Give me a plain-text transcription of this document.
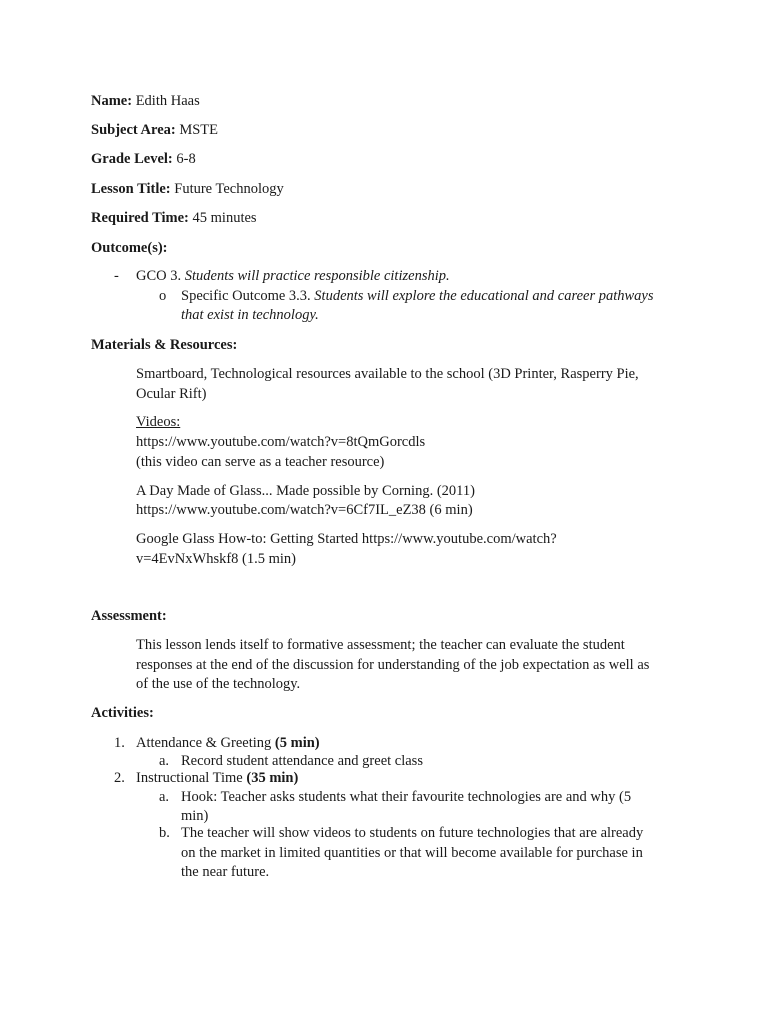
Name: Edith Haas
Subject Area: MSTE
Grade Level: 6-8
Lesson Title: Future Technology
Required Time: 45 minutes
Outcome(s):
- GCO 3. Students will practice responsible citizenship.
o Specific Outcome 3.3. Students will explore the educational and career pathways
that exist in technology.
Materials & Resources:
Smartboard, Technological resources available to the school (3D Printer, Rasperry Pie,
Ocular Rift)
Videos:
https://www.youtube.com/watch?v=8tQmGorcdls
(this video can serve as a teacher resource)
A Day Made of Glass... Made possible by Corning. (2011)
https://www.youtube.com/watch?v=6Cf7IL_eZ38 (6 min)
Google Glass How-to: Getting Started https://www.youtube.com/watch?
v=4EvNxWhskf8 (1.5 min)
Assessment:
This lesson lends itself to formative assessment; the teacher can evaluate the student
responses at the end of the discussion for understanding of the job expectation as well as
of the use of the technology.
Activities:
1. Attendance & Greeting (5 min)
a. Record student attendance and greet class
2. Instructional Time (35 min)
a. Hook: Teacher asks students what their favourite technologies are and why (5
min)
b. The teacher will show videos to students on future technologies that are already
on the market in limited quantities or that will become available for purchase in
the near future.
